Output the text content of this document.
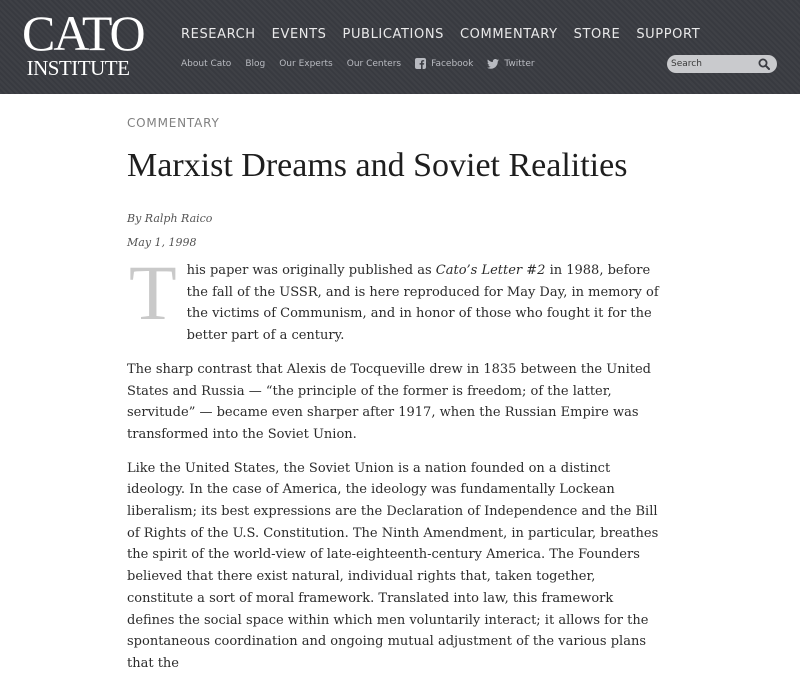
CATO
INSTITUTE
RESEARCH EVENTS PUBLICATIONS COMMENTARY STORE SUPPORT
About Cato Blog Our Experts Our Centers	Facebook	Twitter
Search

COMMENTARY

Marxist Dreams and Soviet Realities
By Ralph Raico
May 1, 1998

This paper was originally published as Cato’s Letter #2 in 1988, before the fall of the USSR, and is here reproduced for May Day, in memory of the victims of Communism, and in honor of those who fought it for the better part of a century.

The sharp contrast that Alexis de Tocqueville drew in 1835 between the United States and Russia — “the principle of the former is freedom; of the latter, servitude” — became even sharper after 1917, when the Russian Empire was transformed into the Soviet Union.

Like the United States, the Soviet Union is a nation founded on a distinct ideology. In the case of America, the ideology was fundamentally Lockean liberalism; its best expressions are the Declaration of Independence and the Bill of Rights of the U.S. Constitution. The Ninth Amendment, in particular, breathes the spirit of the world-view of late-eighteenth-century America. The Founders believed that there exist natural, individual rights that, taken together, constitute a sort of moral framework. Translated into law, this framework defines the social space within which men voluntarily interact; it allows for the spontaneous coordination and ongoing mutual adjustment of the various plans that the
